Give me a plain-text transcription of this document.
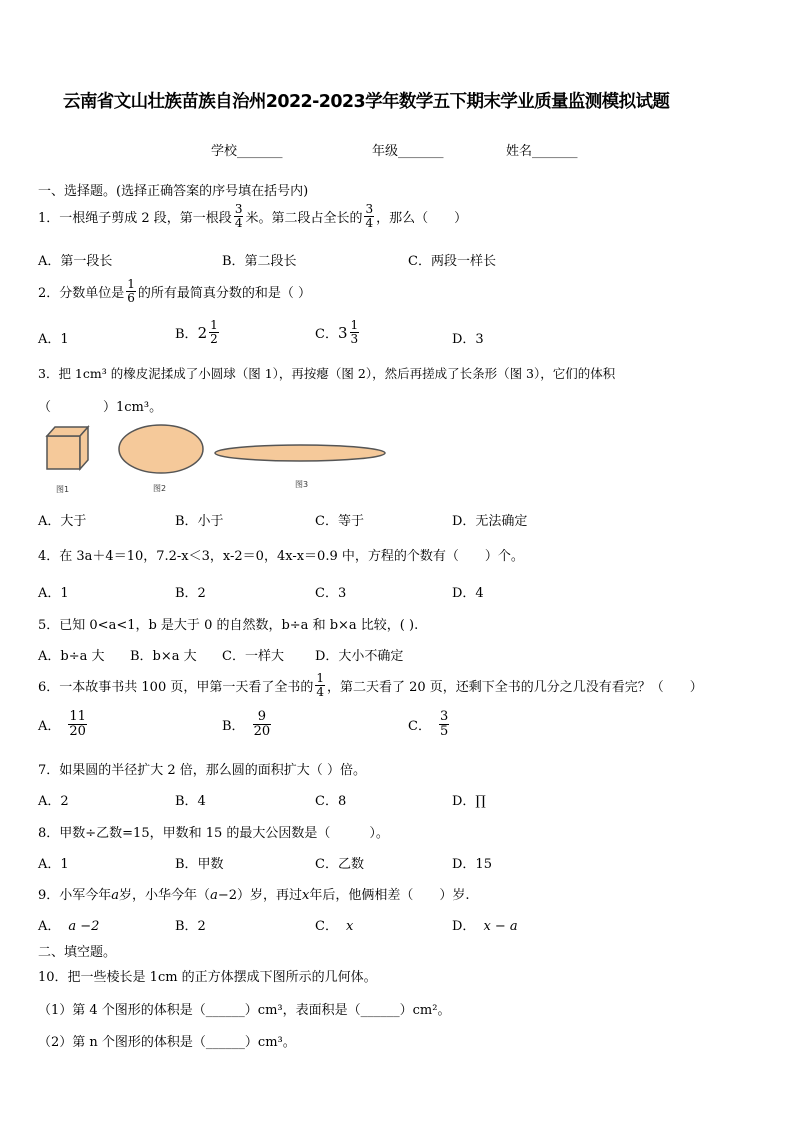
云南省文山壮族苗族自治州2022-2023学年数学五下期末学业质量监测模拟试题
学校_______	年级_______	姓名_______
一、选择题。(选择正确答案的序号填在括号内)
1．一根绳子剪成 2 段，第一根段 $\frac{3}{4}$ 米。第二段占全长的 $\frac{3}{4}$ ，那么（　　）
A．第一段长	B．第二段长	C．两段一样长
2．分数单位是 $\frac{1}{6}$ 的所有最简真分数的和是（ ）
A．1	B． $2 \frac{1}{2}$	C． $3 \frac{1}{3}$	D．3
3．把 1cm³ 的橡皮泥揉成了小圆球（图 1），再按瘪（图 2），然后再搓成了长条形（图 3），它们的体积
（　　　　）1cm³。
图1	图2	图3
A．大于	B．小于	C．等于	D．无法确定
4．在 3a＋4＝10，7.2-x＜3，x-2＝0，4x-x＝0.9 中，方程的个数有（　　）个。
A．1	B．2	C．3	D．4
5．已知 0<a<1，b 是大于 0 的自然数，b÷a 和 b×a 比较，( ).
A．b÷a 大 B．b×a 大 C．一样大 D．大小不确定
6．一本故事书共 100 页，甲第一天看了全书的 $\frac{1}{4}$ ，第二天看了 20 页，还剩下全书的几分之几没有看完？（　　）
A． $\frac{11}{20}$	B． $\frac{9}{20}$	C． $\frac{3}{5}$
7．如果圆的半径扩大 2 倍，那么圆的面积扩大（ ）倍。
A．2	B．4	C．8	D．∏
8．甲数÷乙数=15，甲数和 15 的最大公因数是（　　　）。
A．1	B．甲数	C．乙数	D．15
9．小军今年a岁，小华今年（a−2）岁，再过x年后，他俩相差（　　）岁.
A． a −2	B．2	C． x	D． x − a
二、填空题。
10．把一些棱长是 1cm 的正方体摆成下图所示的几何体。
（1）第 4 个图形的体积是（______）cm³，表面积是（______）cm²。
（2）第 n 个图形的体积是（______）cm³。
